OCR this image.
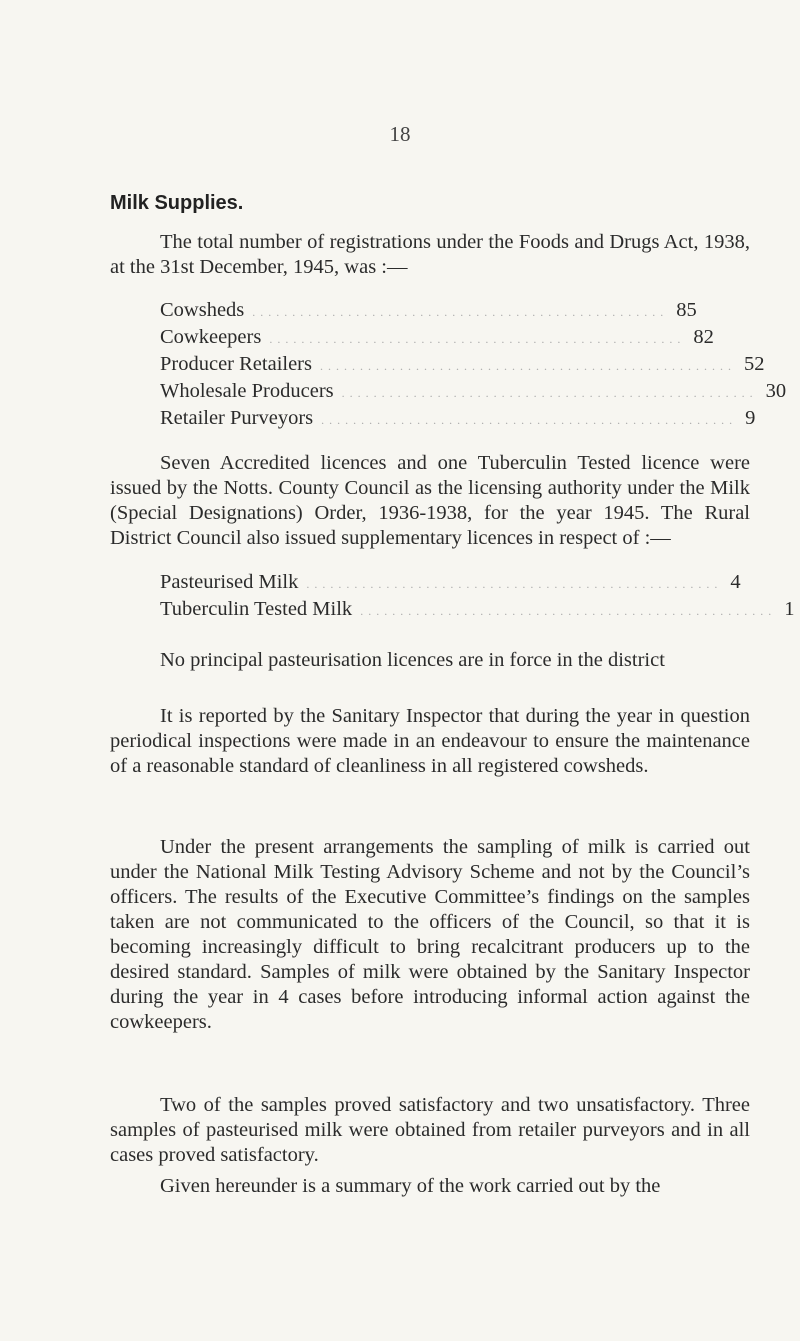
18
Milk Supplies.

The total number of registrations under the Foods and Drugs Act, 1938, at the 31st December, 1945, was :—

Cowsheds .................................................... 85
Cowkeepers .................................................... 82
Producer Retailers .................................................... 52
Wholesale Producers .................................................... 30
Retailer Purveyors .................................................... 9

Seven Accredited licences and one Tuberculin Tested licence were issued by the Notts. County Council as the licensing authority under the Milk (Special Designations) Order, 1936-1938, for the year 1945. The Rural District Council also issued supplementary licences in respect of :—

Pasteurised Milk .................................................... 4
Tuberculin Tested Milk .................................................... 1

No principal pasteurisation licences are in force in the district

It is reported by the Sanitary Inspector that during the year in question periodical inspections were made in an endeavour to ensure the maintenance of a reasonable standard of cleanliness in all registered cowsheds.

Under the present arrangements the sampling of milk is carried out under the National Milk Testing Advisory Scheme and not by the Council’s officers. The results of the Executive Committee’s findings on the samples taken are not communicated to the officers of the Council, so that it is becoming increasingly difficult to bring recalcitrant producers up to the desired standard. Samples of milk were obtained by the Sanitary Inspector during the year in 4 cases before introducing informal action against the cowkeepers.

Two of the samples proved satisfactory and two unsatisfactory. Three samples of pasteurised milk were obtained from retailer purveyors and in all cases proved satisfactory.

Given hereunder is a summary of the work carried out by the
